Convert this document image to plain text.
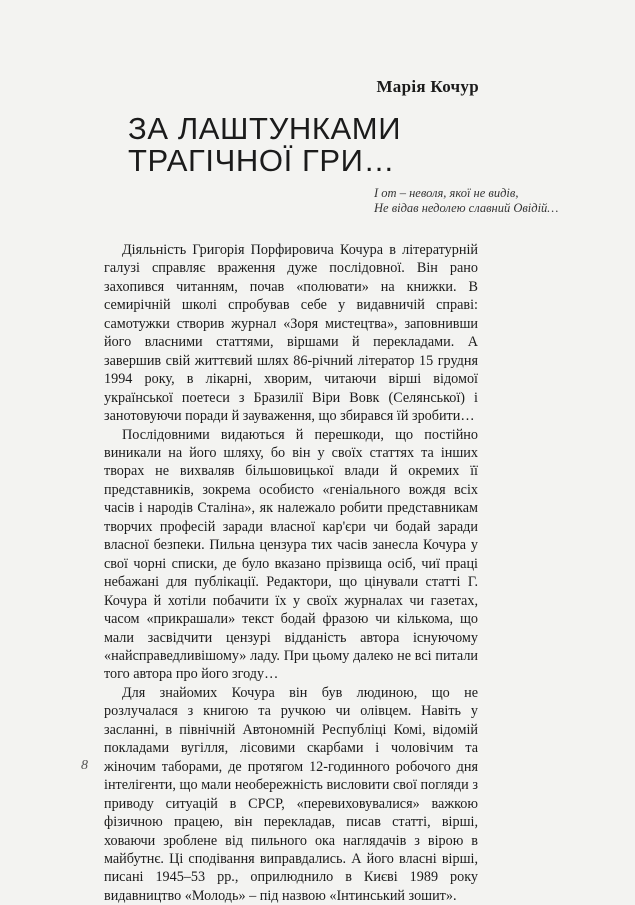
Марія Кочур
ЗА ЛАШТУНКАМИ
ТРАГІЧНОЇ ГРИ…
І от – неволя, якої не видів,
Не відав недолею славний Овідій…

Діяльність Григорія Порфировича Кочура в літературній галузі справляє враження дуже послідовної. Він рано захопився читанням, почав «полювати» на книжки. В семирічній школі спробував себе у видавничій справі: самотужки створив журнал «Зоря мистецтва», заповнивши його власними статтями, віршами й перекладами. А завершив свій життєвий шлях 86-річний літератор 15 грудня 1994 року, в лікарні, хворим, читаючи вірші відомої української поетеси з Бразилії Віри Вовк (Селянської) і занотовуючи поради й зауваження, що збирався їй зробити…

Послідовними видаються й перешкоди, що постійно виникали на його шляху, бо він у своїх статтях та інших творах не вихваляв більшовицької влади й окремих її представників, зокрема особисто «геніального вождя всіх часів і народів Сталіна», як належало робити представникам творчих професій заради власної кар'єри чи бодай заради власної безпеки. Пильна цензура тих часів занесла Кочура у свої чорні списки, де було вказано прізвища осіб, чиї праці небажані для публікації. Редактори, що цінували статті Г. Кочура й хотіли побачити їх у своїх журналах чи газетах, часом «прикрашали» текст бодай фразою чи кількома, що мали засвідчити цензурі відданість автора існуючому «найсправедливішому» ладу. При цьому далеко не всі питали того автора про його згоду…

Для знайомих Кочура він був людиною, що не розлучалася з книгою та ручкою чи олівцем. Навіть у засланні, в північній Автономній Республіці Комі, відомій покладами вугілля, лісовими скарбами і чоловічим та жіночим таборами, де протягом 12-годинного робочого дня інтелігенти, що мали необережність висловити свої погляди з приводу ситуацій в СРСР, «перевиховувалися» важкою фізичною працею, він перекладав, писав статті, вірші, ховаючи зроблене від пильного ока наглядачів з вірою в майбутнє. Ці сподівання виправдались. А його власні вірші, писані 1945–53 рр., оприлюднило в Києві 1989 року видавництво «Молодь» – під назвою «Інтинський зошит».

8
